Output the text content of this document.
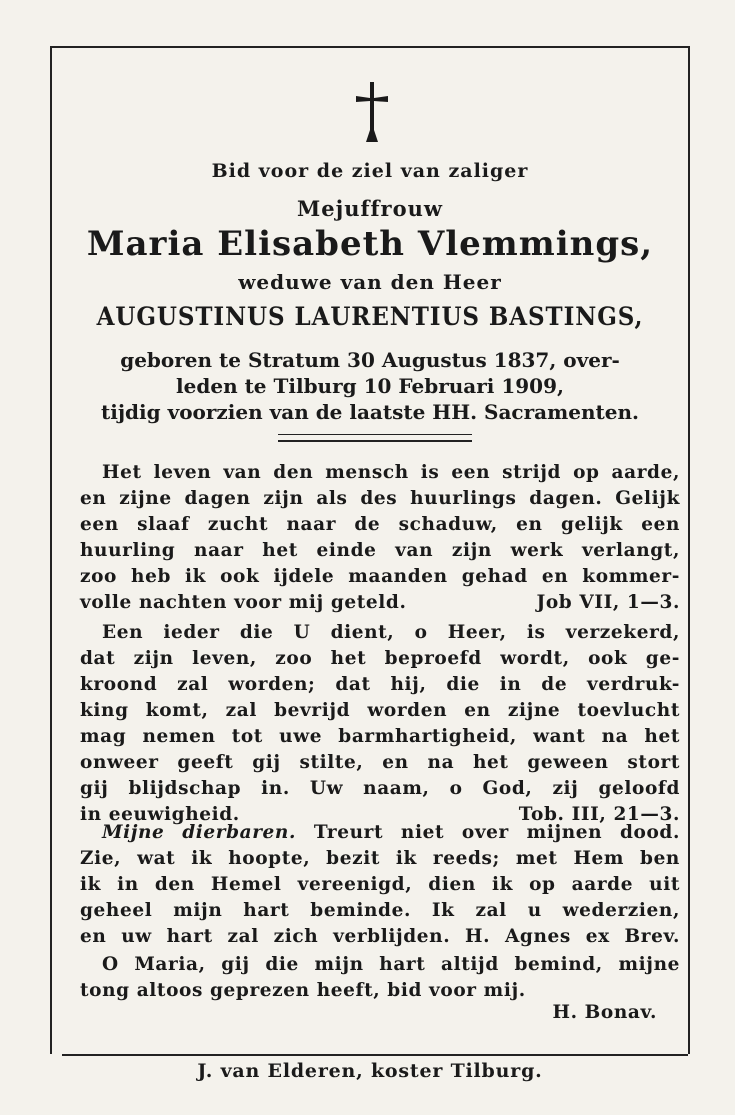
Bid voor de ziel van zaliger
Mejuffrouw
Maria Elisabeth Vlemmings,
weduwe van den Heer
AUGUSTINUS LAURENTIUS BASTINGS,
geboren te Stratum 30 Augustus 1837, over-
leden te Tilburg 10 Februari 1909,
tijdig voorzien van de laatste HH. Sacramenten.
Het leven van den mensch is een strijd op aarde,
en zijne dagen zijn als des huurlings dagen. Gelijk
een slaaf zucht naar de schaduw, en gelijk een
huurling naar het einde van zijn werk verlangt,
zoo heb ik ook ijdele maanden gehad en kommer-
volle nachten voor mij geteld.	Job VII, 1—3.
Een ieder die U dient, o Heer, is verzekerd,
dat zijn leven, zoo het beproefd wordt, ook ge-
kroond zal worden; dat hij, die in de verdruk-
king komt, zal bevrijd worden en zijne toevlucht
mag nemen tot uwe barmhartigheid, want na het
onweer geeft gij stilte, en na het geween stort
gij blijdschap in. Uw naam, o God, zij geloofd
in eeuwigheid.	Tob. III, 21—3.
Mijne dierbaren. Treurt niet over mijnen dood.
Zie, wat ik hoopte, bezit ik reeds; met Hem ben
ik in den Hemel vereenigd, dien ik op aarde uit
geheel mijn hart beminde. Ik zal u wederzien,
en uw hart zal zich verblijden. H. Agnes ex Brev.
O Maria, gij die mijn hart altijd bemind, mijne
tong altoos geprezen heeft, bid voor mij.
H. Bonav.
J. van Elderen, koster Tilburg.
